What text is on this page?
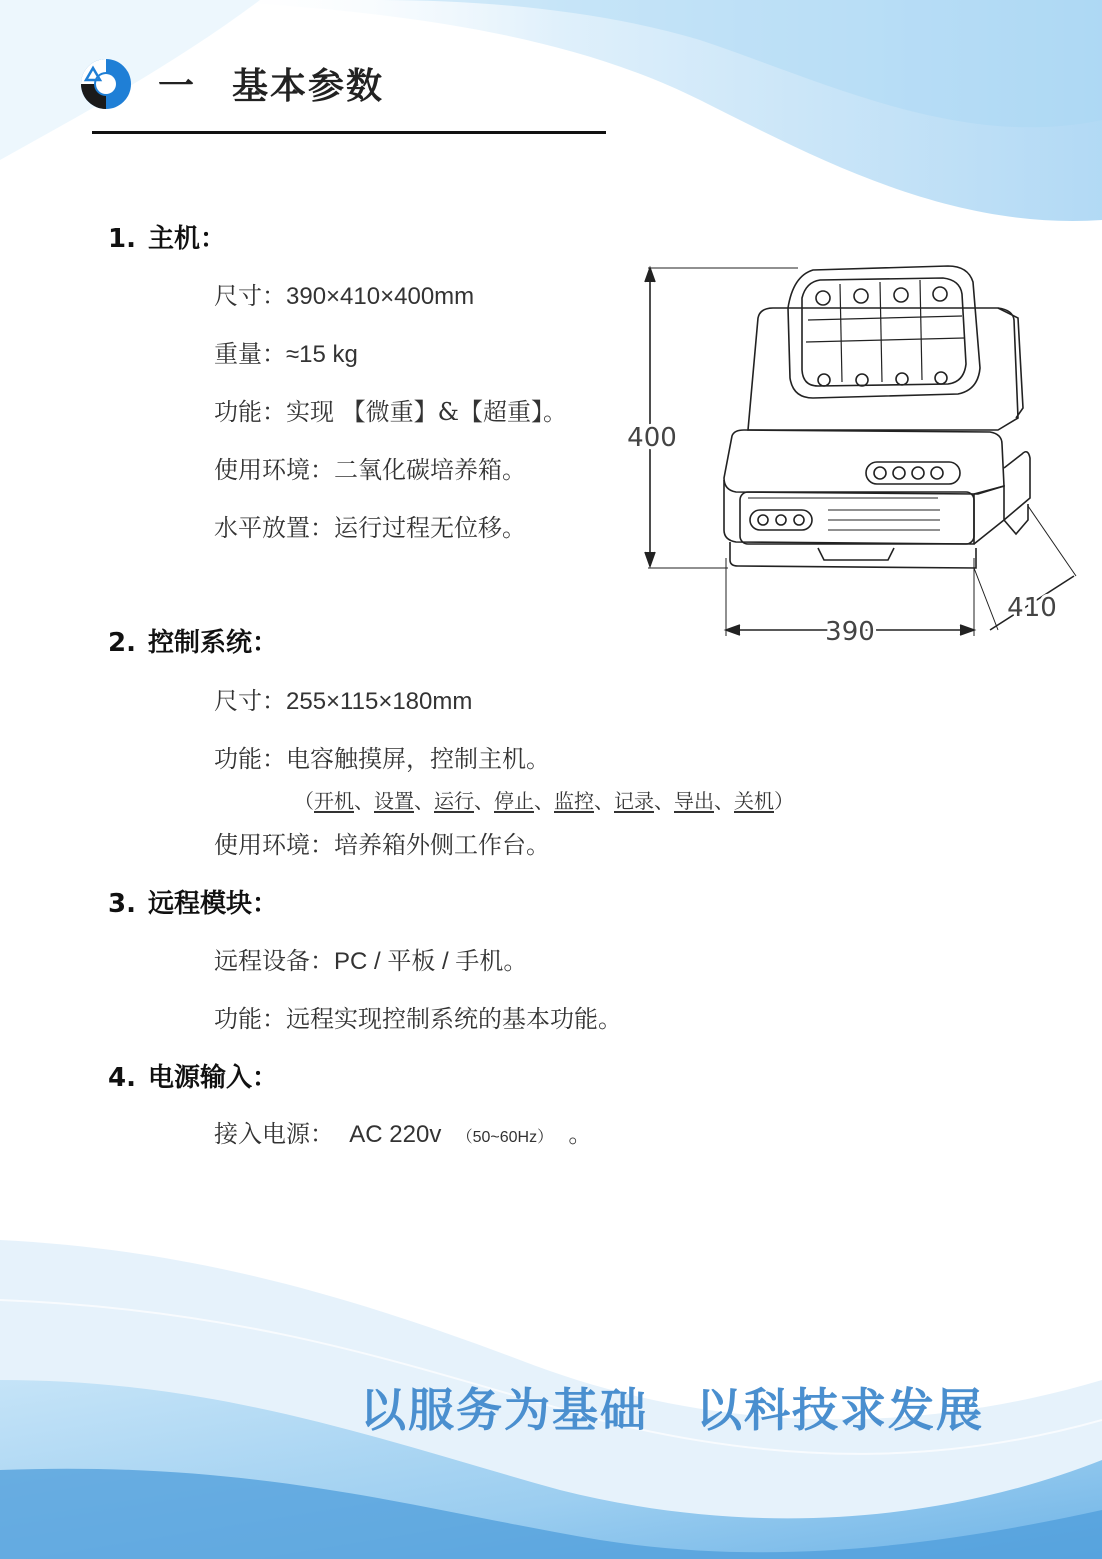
一 基本参数
1. 主机：
尺寸：390×410×400mm
重量：≈15 kg
功能：实现 【微重】&【超重】。
使用环境：二氧化碳培养箱。
水平放置：运行过程无位移。
2. 控制系统：
尺寸：255×115×180mm
功能：电容触摸屏，控制主机。
（开机、设置、运行、停止、监控、记录、导出、关机）
使用环境：培养箱外侧工作台。
3. 远程模块：
远程设备：PC / 平板 / 手机。
功能：远程实现控制系统的基本功能。
4. 电源输入：
接入电源： AC 220v （50~60Hz） 。
400
390
410
以服务为基础 以科技求发展
